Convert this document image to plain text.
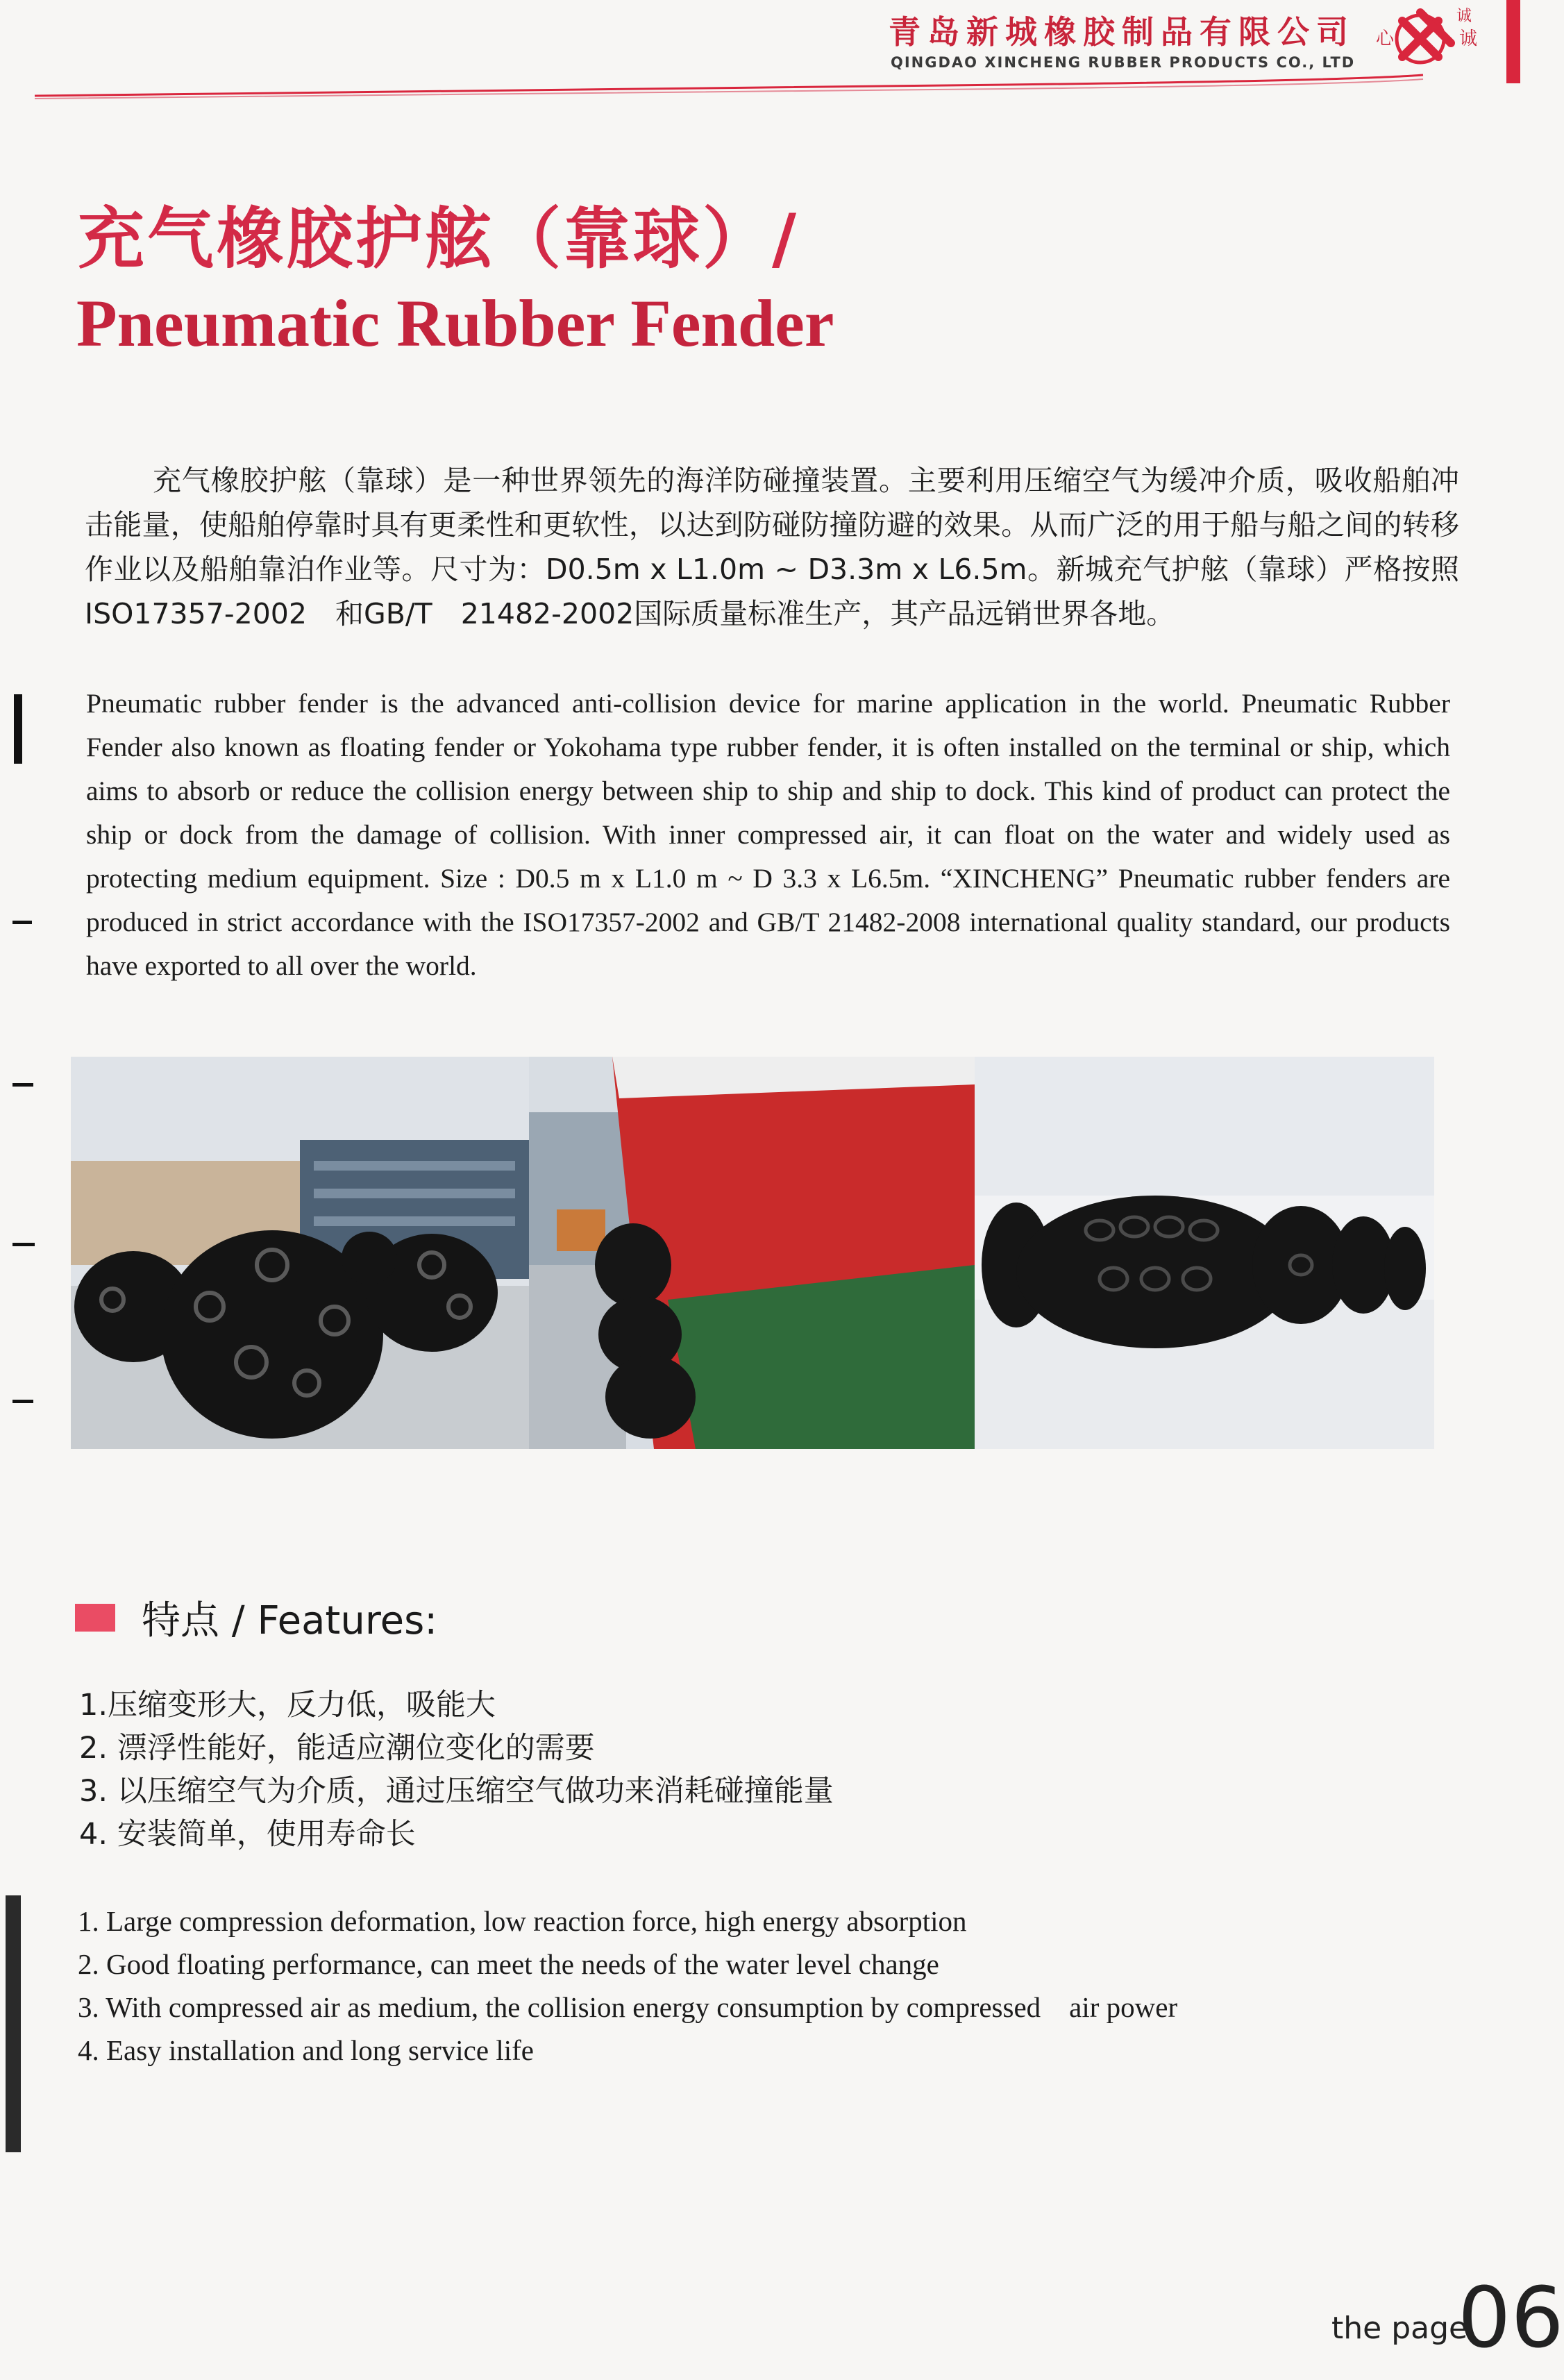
青岛新城橡胶制品有限公司
QINGDAO XINCHENG RUBBER PRODUCTS CO., LTD
心
诚
诚
充气橡胶护舷（靠球）/
Pneumatic Rubber Fender

充气橡胶护舷（靠球）是一种世界领先的海洋防碰撞装置。主要利用压缩空气为缓冲介质，吸收船舶冲击能量，使船舶停靠时具有更柔性和更软性，以达到防碰防撞防避的效果。从而广泛的用于船与船之间的转移作业以及船舶靠泊作业等。尺寸为：D0.5m x L1.0m ~ D3.3m x L6.5m。新城充气护舷（靠球）严格按照ISO17357-2002　和GB/T　21482-2002国际质量标准生产，其产品远销世界各地。

Pneumatic rubber fender is the advanced anti-collision device for marine application in the world. Pneumatic Rubber Fender also known as floating fender or Yokohama type rubber fender, it is often installed on the terminal or ship, which aims to absorb or reduce the collision energy between ship to ship and ship to dock. This kind of product can protect the ship or dock from the damage of collision. With inner compressed air, it can float on the water and widely used as protecting medium equipment. Size : D0.5 m x L1.0 m ~ D 3.3 x L6.5m. “XINCHENG” Pneumatic rubber fenders are produced in strict accordance with the ISO17357-2002 and GB/T 21482-2008 international quality standard, our products have exported to all over the world.

特点 / Features:
1.压缩变形大，反力低，吸能大
2. 漂浮性能好，能适应潮位变化的需要
3. 以压缩空气为介质，通过压缩空气做功来消耗碰撞能量
4. 安装简单，使用寿命长
1. Large compression deformation, low reaction force, high energy absorption
2. Good floating performance, can meet the needs of the water level change
3. With compressed air as medium, the collision energy consumption by compressed　air power
4. Easy installation and long service life
the page
06
